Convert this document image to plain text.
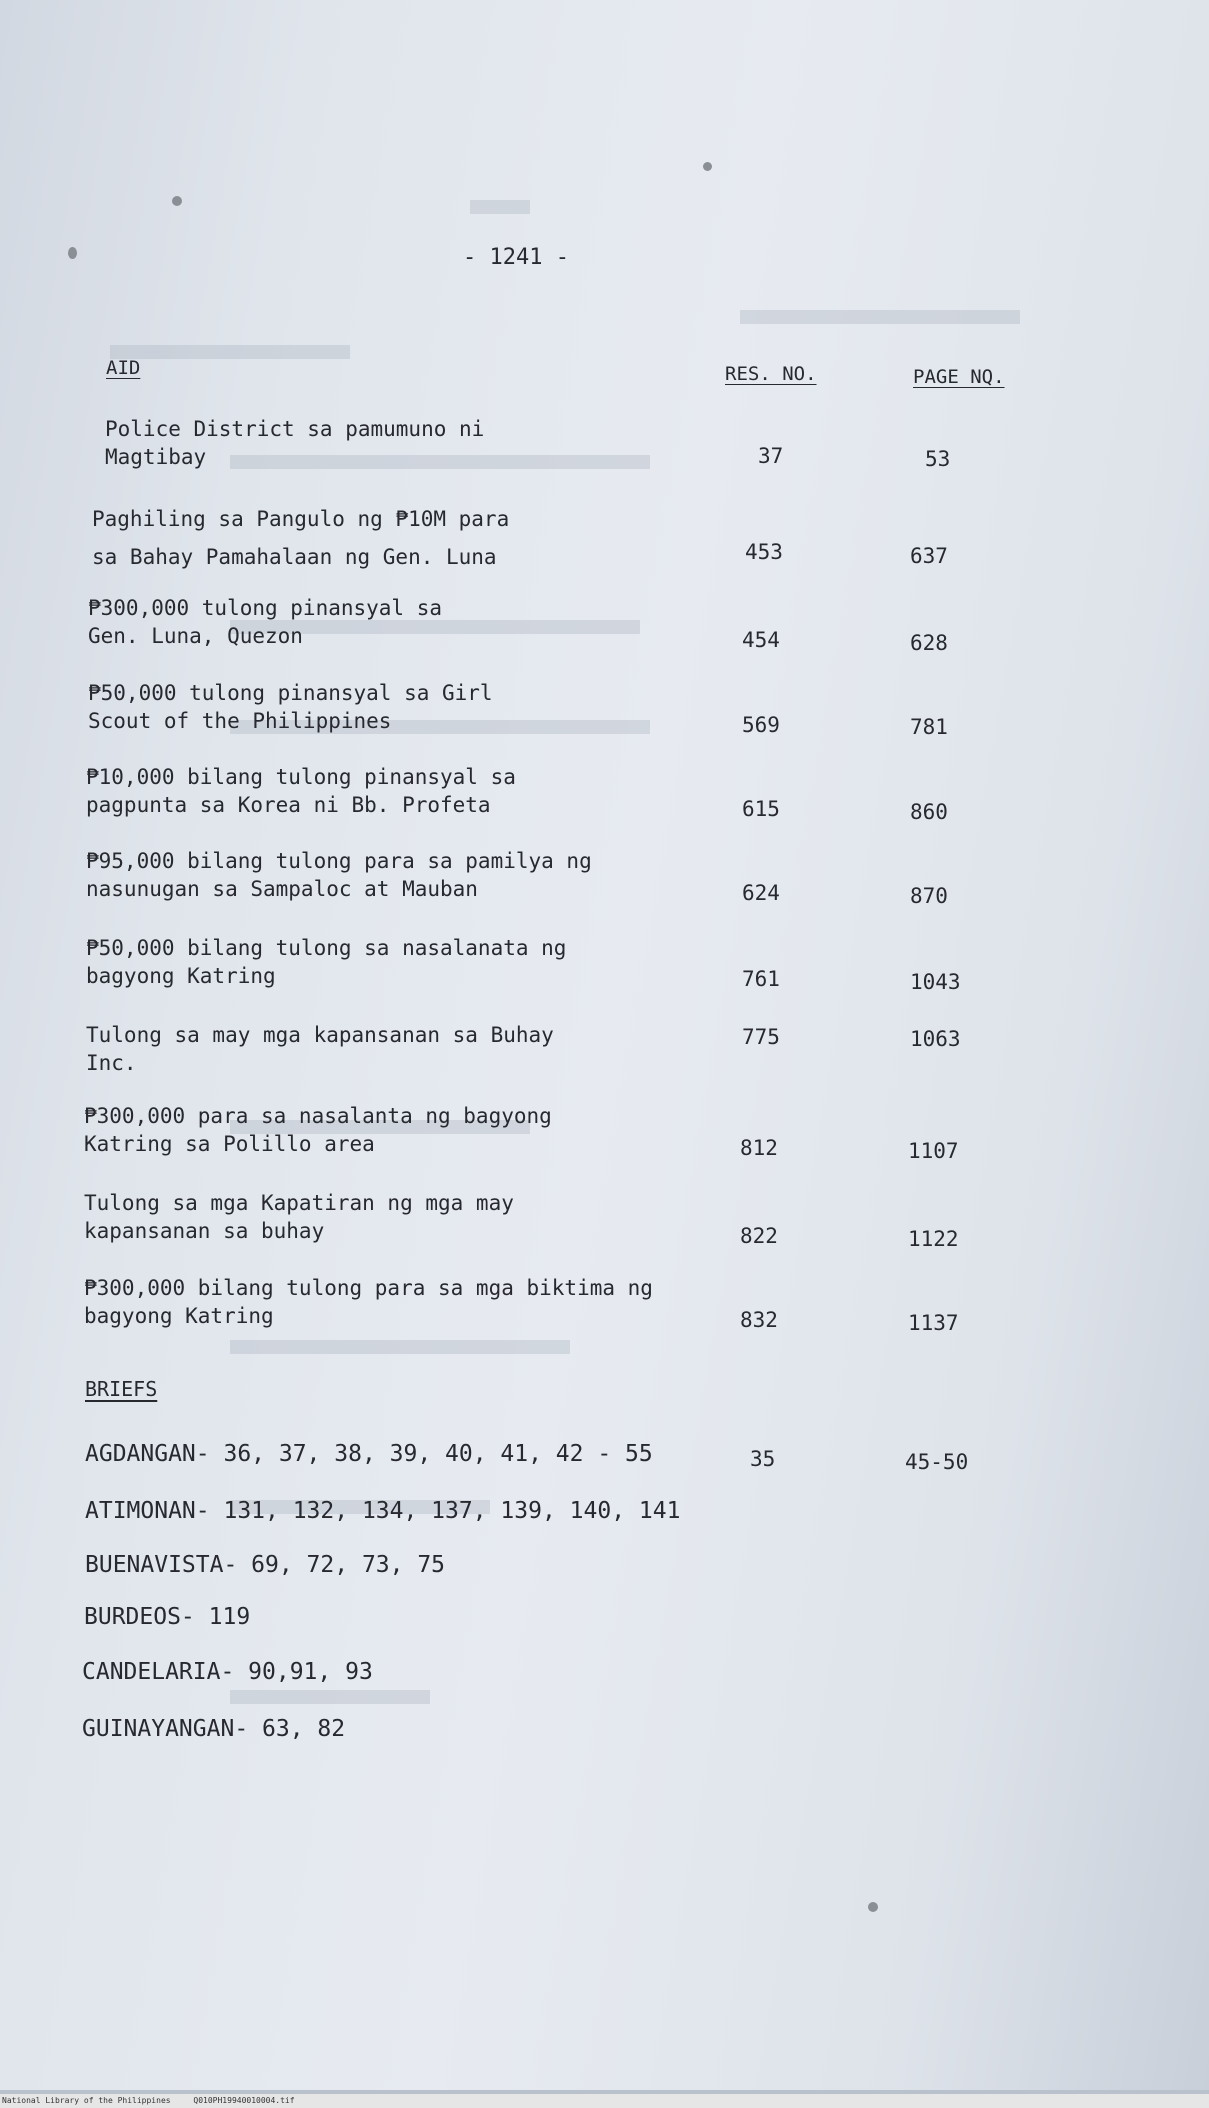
- 1241 -
AID	RES. NO.	PAGE NQ.
Police District sa pamumuno ni
Magtibay	37	53
Paghiling sa Pangulo ng ₱10M para
sa Bahay Pamahalaan ng Gen. Luna	453	637
₱300,000 tulong pinansyal sa
Gen. Luna, Quezon	454	628
₱50,000 tulong pinansyal sa Girl
Scout of the Philippines	569	781
₱10,000 bilang tulong pinansyal sa
pagpunta sa Korea ni Bb. Profeta	615	860
₱95,000 bilang tulong para sa pamilya ng
nasunugan sa Sampaloc at Mauban	624	870
₱50,000 bilang tulong sa nasalanata ng
bagyong Katring	761	1043
Tulong sa may mga kapansanan sa Buhay
Inc.
775	1063
₱300,000 para sa nasalanta ng bagyong
Katring sa Polillo area	812	1107
Tulong sa mga Kapatiran ng mga may
kapansanan sa buhay	822	1122
₱300,000 bilang tulong para sa mga biktima ng
bagyong Katring	832	1137
BRIEFS
AGDANGAN- 36, 37, 38, 39, 40, 41, 42 - 55	35	45-50
ATIMONAN- 131, 132, 134, 137, 139, 140, 141
BUENAVISTA- 69, 72, 73, 75
BURDEOS- 119
CANDELARIA- 90,91, 93
GUINAYANGAN- 63, 82
National Library of the Philippines	Q010PH19940010004.tif
